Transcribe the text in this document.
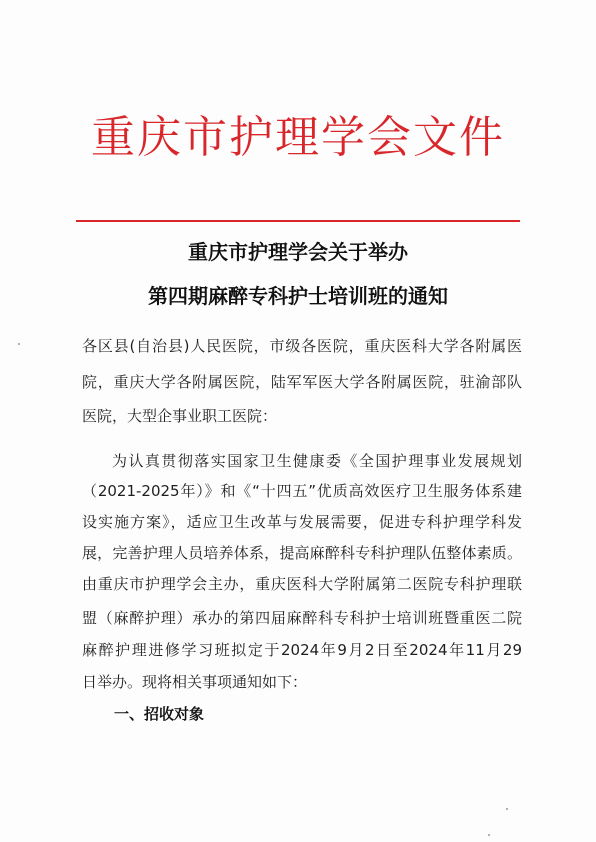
重庆市护理学会文件
重庆市护理学会关于举办
第四期麻醉专科护士培训班的通知
各区县(自治县)人民医院，市级各医院，重庆医科大学各附属医
院，重庆大学各附属医院，陆军军医大学各附属医院，驻渝部队
医院，大型企事业职工医院：
为认真贯彻落实国家卫生健康委《全国护理事业发展规划
（2021-2025年）》和《“十四五”优质高效医疗卫生服务体系建
设实施方案》，适应卫生改革与发展需要，促进专科护理学科发
展，完善护理人员培养体系，提高麻醉科专科护理队伍整体素质。
由重庆市护理学会主办，重庆医科大学附属第二医院专科护理联
盟（麻醉护理）承办的第四届麻醉科专科护士培训班暨重医二院
麻醉护理进修学习班拟定于2024年9月2日至2024年11月29
日举办。现将相关事项通知如下：
一、招收对象
